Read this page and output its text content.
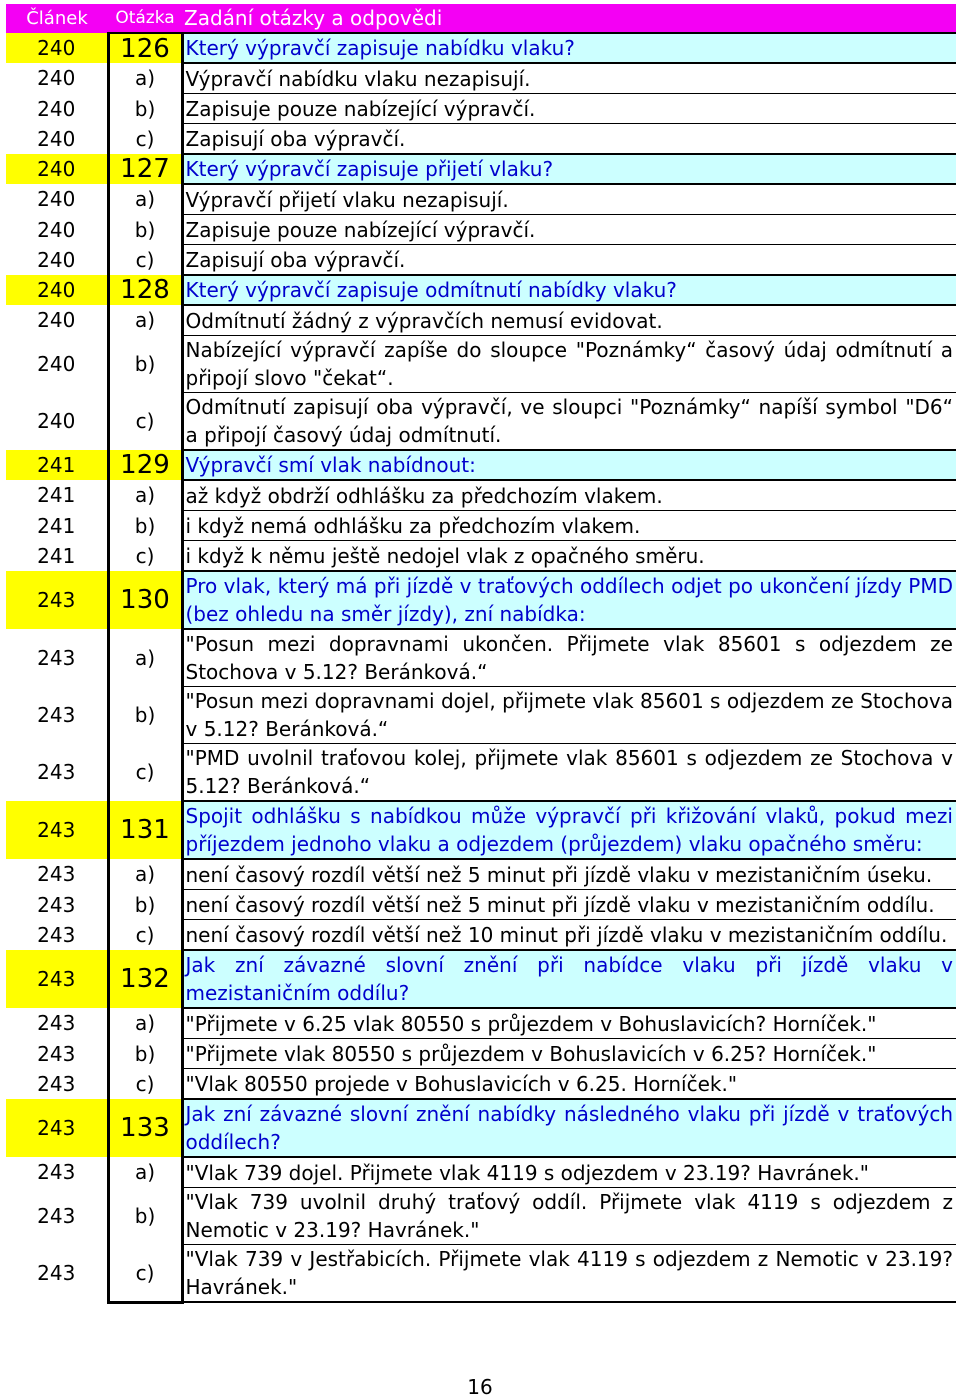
Článek	Otázka	Zadání otázky a odpovědi
240	126	Který výpravčí zapisuje nabídku vlaku?
240	a)	Výpravčí nabídku vlaku nezapisují.
240	b)	Zapisuje pouze nabízející výpravčí.
240	c)	Zapisují oba výpravčí.
240	127	Který výpravčí zapisuje přijetí vlaku?
240	a)	Výpravčí přijetí vlaku nezapisují.
240	b)	Zapisuje pouze nabízející výpravčí.
240	c)	Zapisují oba výpravčí.
240	128	Který výpravčí zapisuje odmítnutí nabídky vlaku?
240	a)	Odmítnutí žádný z výpravčích nemusí evidovat.
240	b)	Nabízející výpravčí zapíše do sloupce "Poznámky“ časový údaj odmítnutí a připojí slovo "čekat“.
240	c)	Odmítnutí zapisují oba výpravčí, ve sloupci "Poznámky“ napíší symbol "D6“ a připojí časový údaj odmítnutí.
241	129	Výpravčí smí vlak nabídnout:
241	a)	až když obdrží odhlášku za předchozím vlakem.
241	b)	i když nemá odhlášku za předchozím vlakem.
241	c)	i když k němu ještě nedojel vlak z opačného směru.
243	130	Pro vlak, který má při jízdě v traťových oddílech odjet po ukončení jízdy PMD (bez ohledu na směr jízdy), zní nabídka:
243	a)	"Posun mezi dopravnami ukončen. Přijmete vlak 85601 s odjezdem ze Stochova v 5.12? Beránková.“
243	b)	"Posun mezi dopravnami dojel, přijmete vlak 85601 s odjezdem ze Stochova v 5.12? Beránková.“
243	c)	"PMD uvolnil traťovou kolej, přijmete vlak 85601 s odjezdem ze Stochova v 5.12? Beránková.“
243	131	Spojit odhlášku s nabídkou může výpravčí při křižování vlaků, pokud mezi příjezdem jednoho vlaku a odjezdem (průjezdem) vlaku opačného směru:
243	a)	není časový rozdíl větší než 5 minut při jízdě vlaku v mezistaničním úseku.
243	b)	není časový rozdíl větší než 5 minut při jízdě vlaku v mezistaničním oddílu.
243	c)	není časový rozdíl větší než 10 minut při jízdě vlaku v mezistaničním oddílu.
243	132	Jak zní závazné slovní znění při nabídce vlaku při jízdě vlaku v mezistaničním oddílu?
243	a)	"Přijmete v 6.25 vlak 80550 s průjezdem v Bohuslavicích? Horníček."
243	b)	"Přijmete vlak 80550 s průjezdem v Bohuslavicích v 6.25? Horníček."
243	c)	"Vlak 80550 projede v Bohuslavicích v 6.25. Horníček."
243	133	Jak zní závazné slovní znění nabídky následného vlaku při jízdě v traťových oddílech?
243	a)	"Vlak 739 dojel. Přijmete vlak 4119 s odjezdem v 23.19? Havránek."
243	b)	"Vlak 739 uvolnil druhý traťový oddíl. Přijmete vlak 4119 s odjezdem z Nemotic v 23.19? Havránek."
243	c)	"Vlak 739 v Jestřabicích. Přijmete vlak 4119 s odjezdem z Nemotic v 23.19? Havránek."
16
